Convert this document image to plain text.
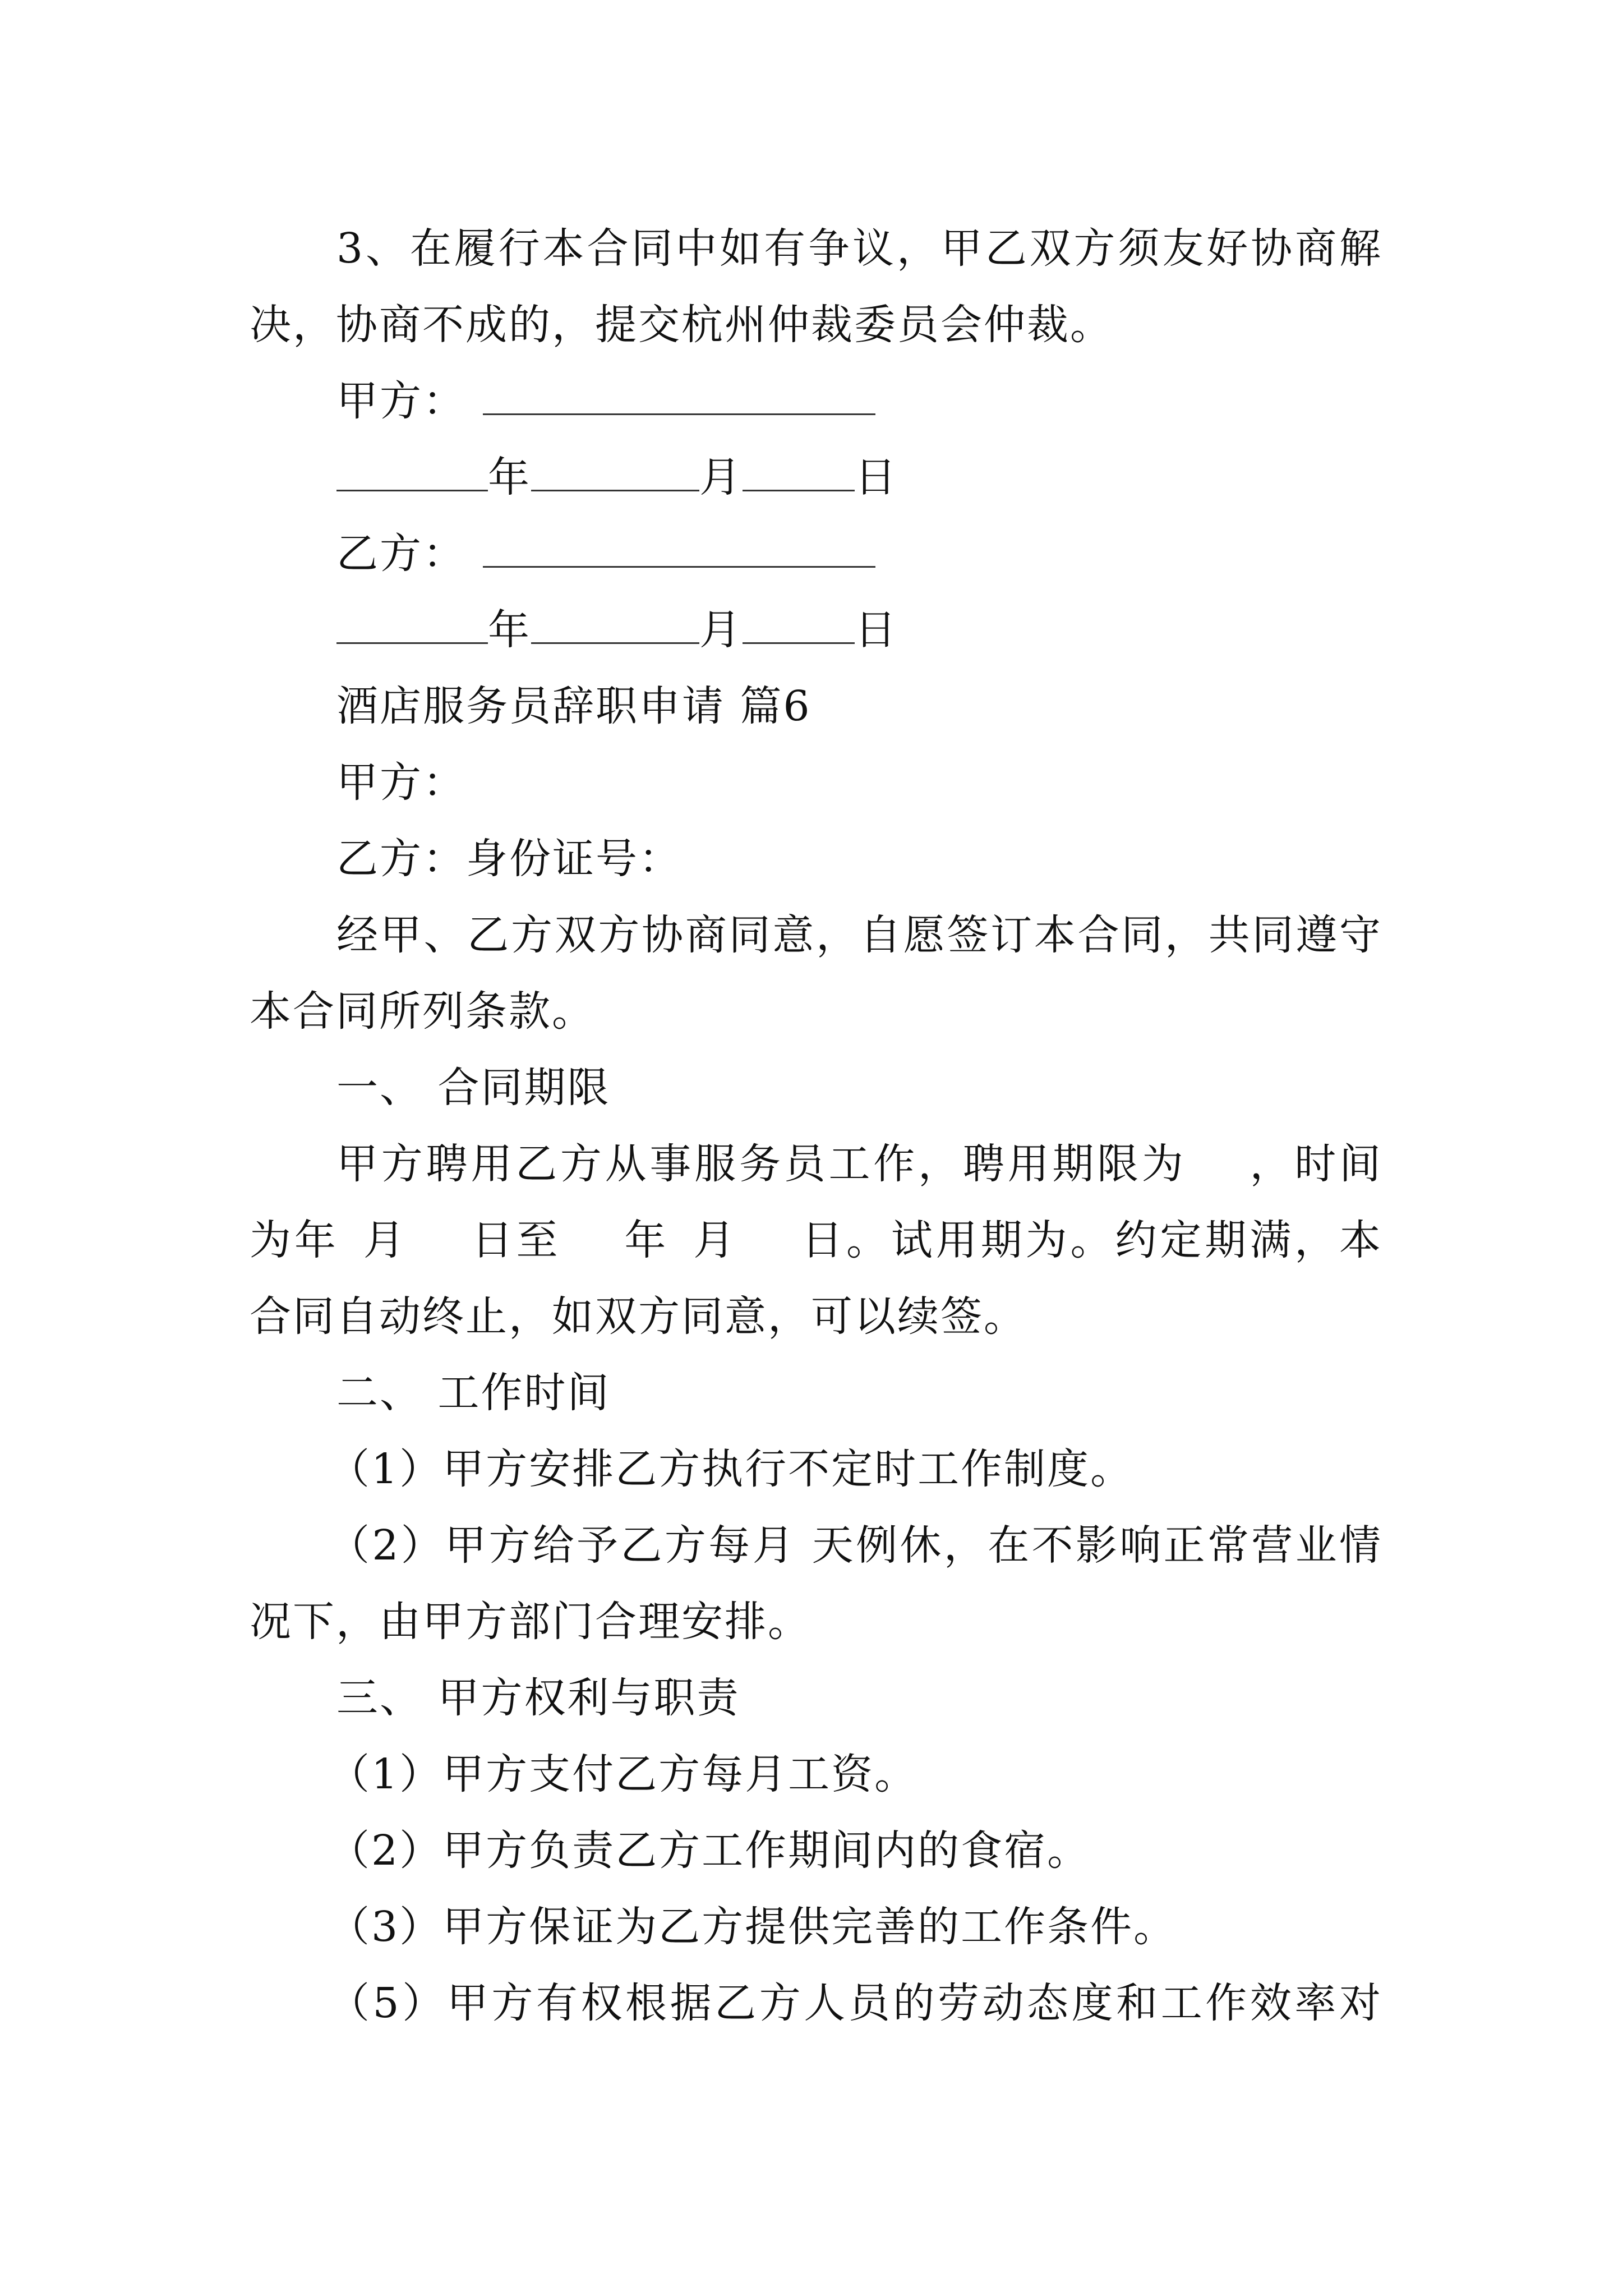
3、在履行本合同中如有争议，甲乙双方须友好协商解
决，协商不成的，提交杭州仲裁委员会仲裁。
甲方：
年	月	日
乙方：
年	月	日
酒店服务员辞职申请 篇6
甲方：
乙方：身份证号：
经甲、乙方双方协商同意，自愿签订本合同，共同遵守
本合同所列条款。
一、 合同期限
甲方聘用乙方从事服务员工作，聘用期限为 ，时间
为年 月 日至 年 月 日。试用期为。约定期满，本
合同自动终止，如双方同意，可以续签。
二、 工作时间
（1）甲方安排乙方执行不定时工作制度。
（2）甲方给予乙方每月 天例休，在不影响正常营业情
况下，由甲方部门合理安排。
三、 甲方权利与职责
（1）甲方支付乙方每月工资。
（2）甲方负责乙方工作期间内的食宿。
（3）甲方保证为乙方提供完善的工作条件。
（5）甲方有权根据乙方人员的劳动态度和工作效率对
